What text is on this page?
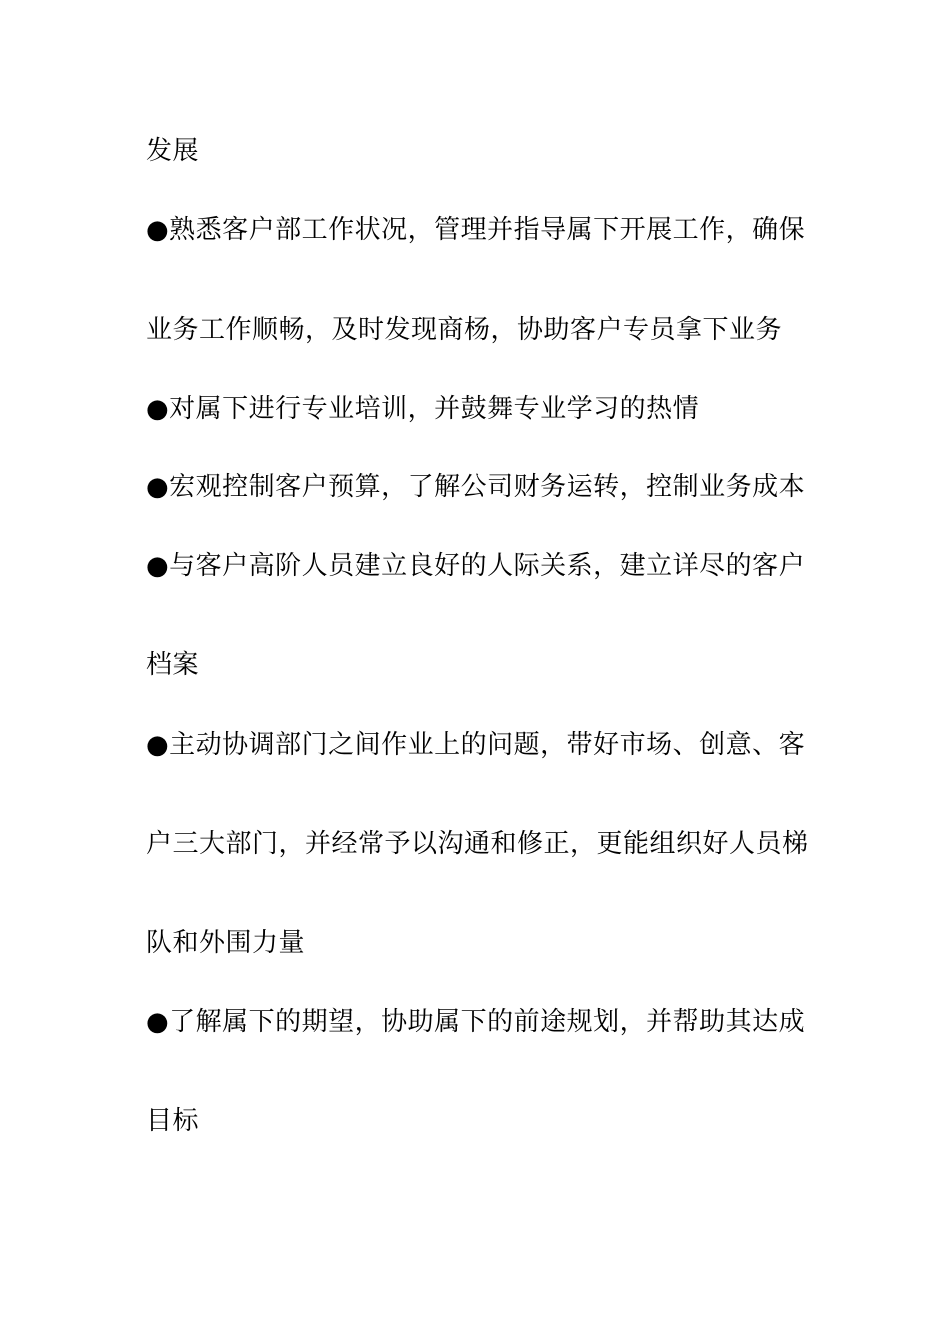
发展
●熟悉客户部工作状况，管理并指导属下开展工作，确保
业务工作顺畅，及时发现商杨，协助客户专员拿下业务
●对属下进行专业培训，并鼓舞专业学习的热情
●宏观控制客户预算，了解公司财务运转，控制业务成本
●与客户高阶人员建立良好的人际关系，建立详尽的客户
档案
●主动协调部门之间作业上的问题，带好市场、创意、客
户三大部门，并经常予以沟通和修正，更能组织好人员梯
队和外围力量
●了解属下的期望，协助属下的前途规划，并帮助其达成
目标
